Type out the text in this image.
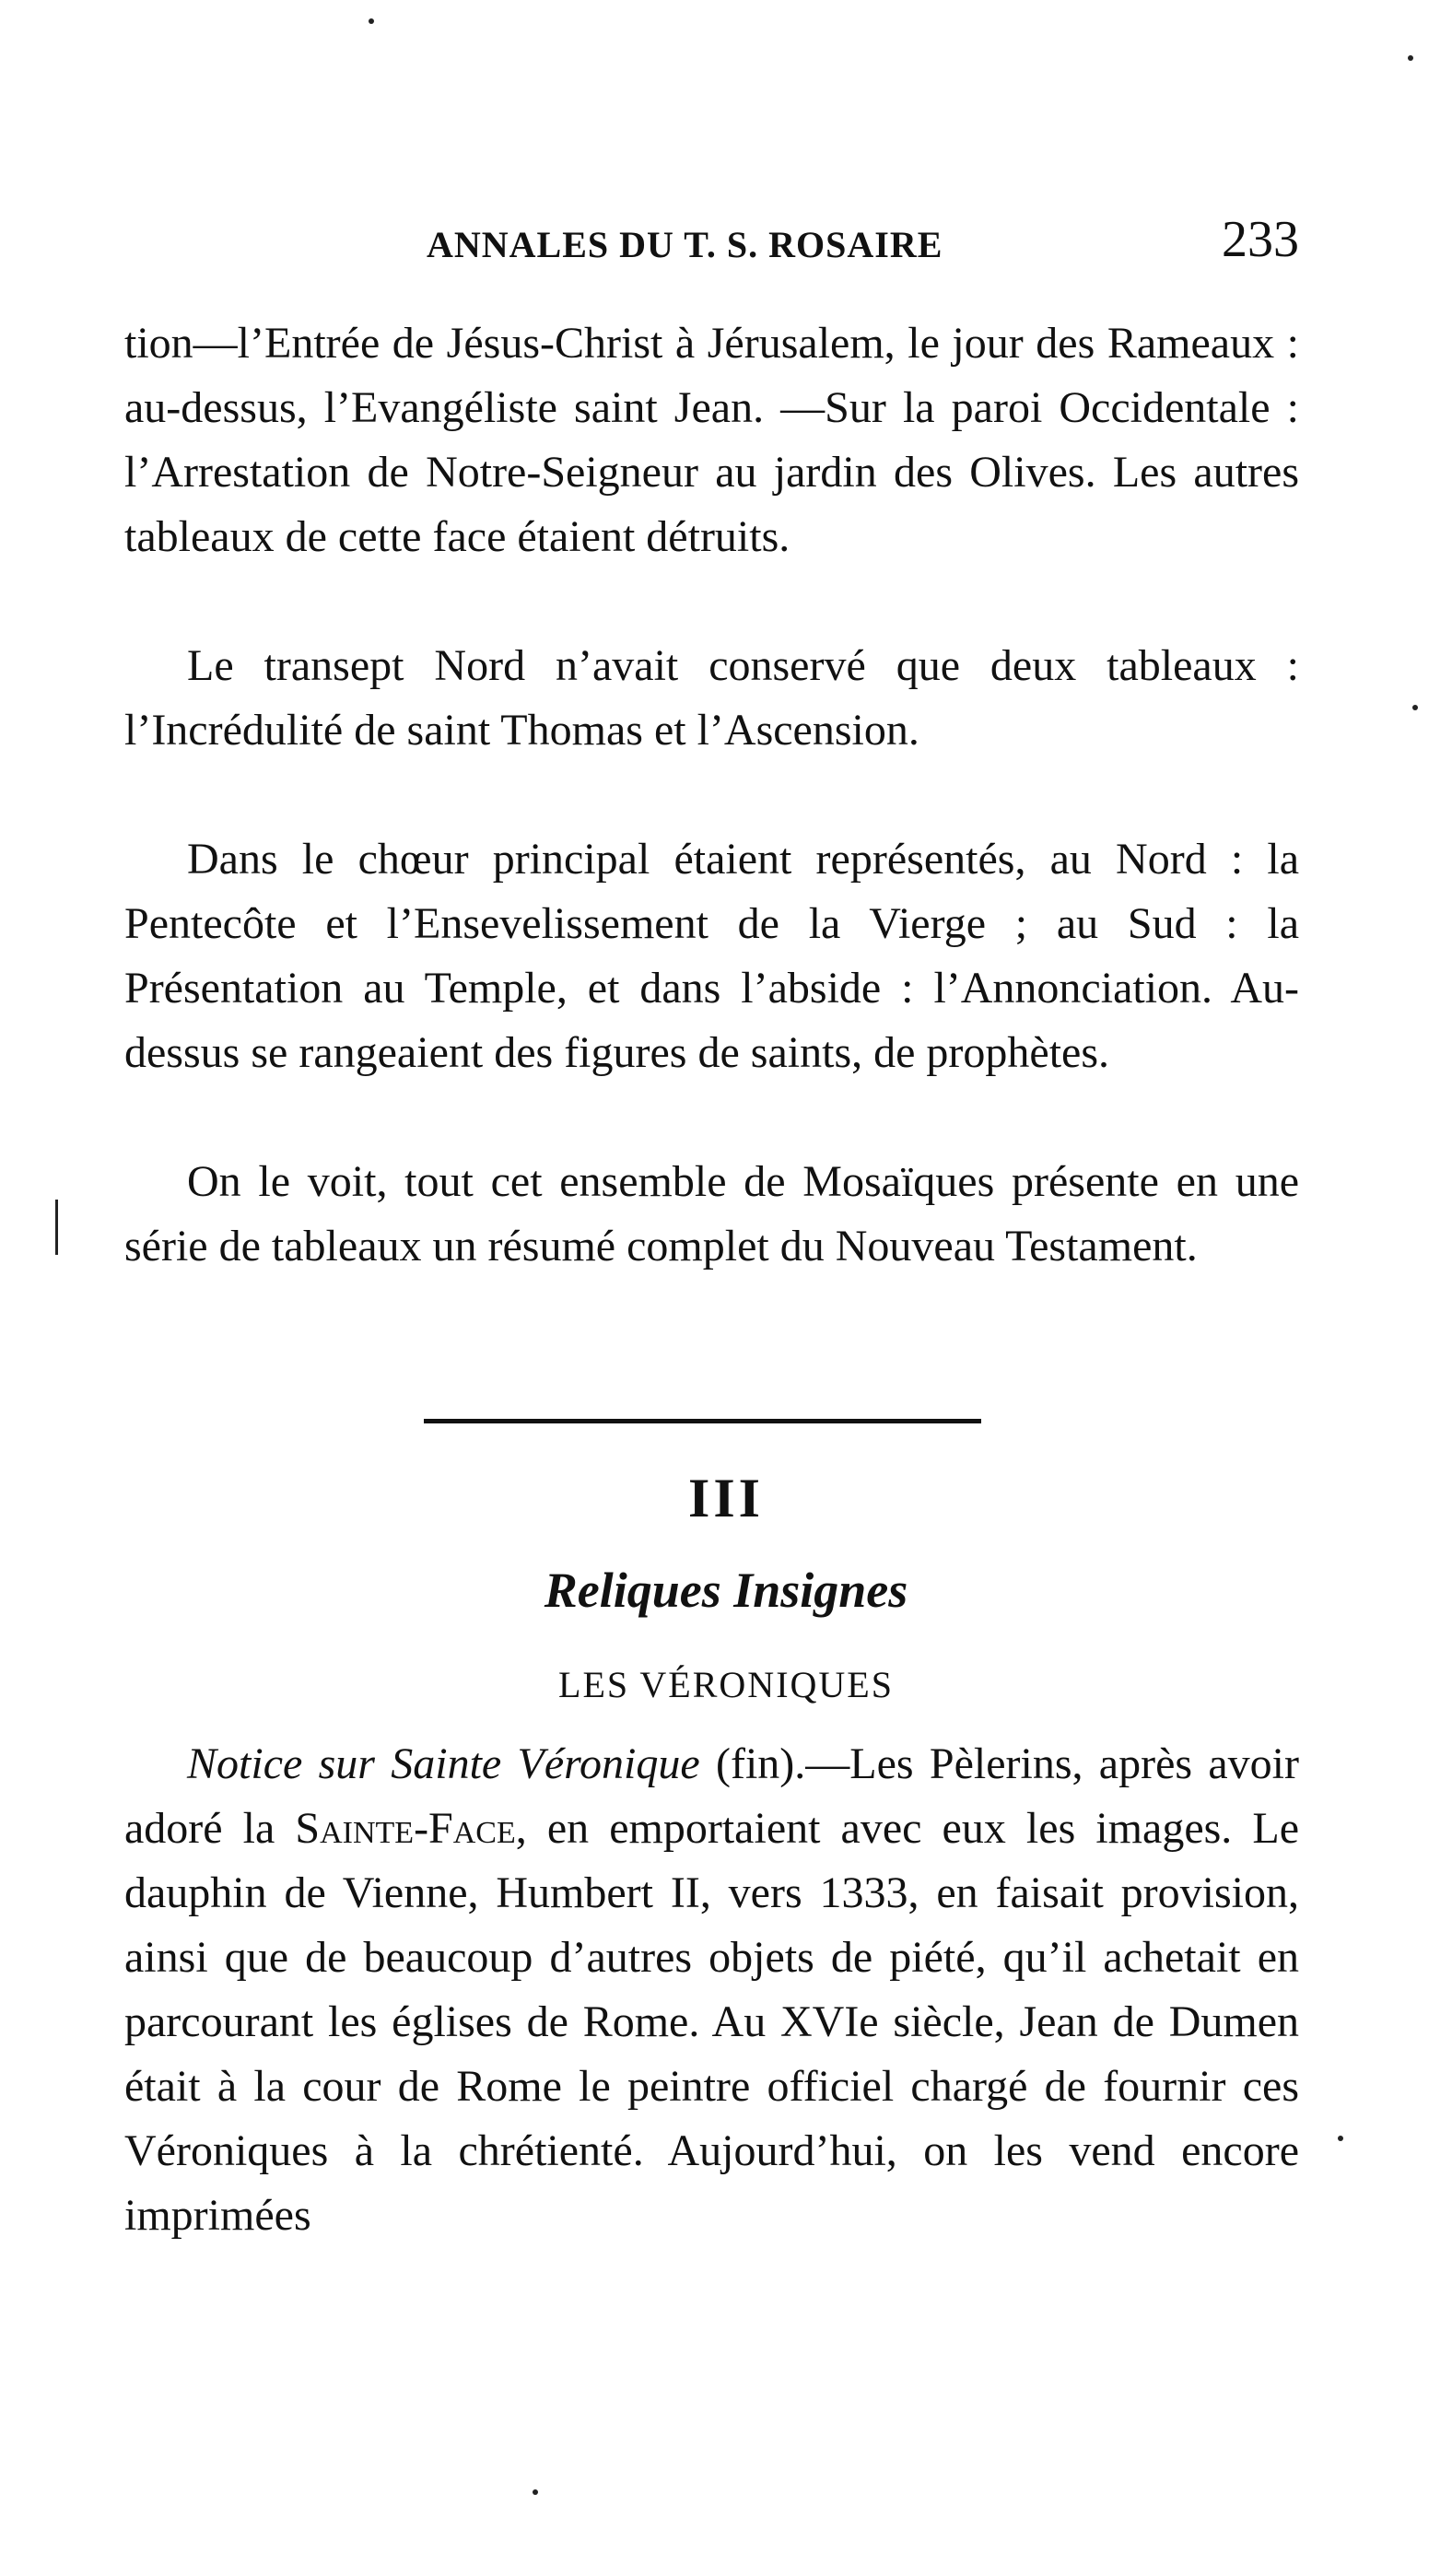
ANNALES DU T. S. ROSAIRE	233

tion—l’Entrée de Jésus-Christ à Jérusalem, le jour des Rameaux : au-dessus, l’Evangéliste saint Jean. —Sur la paroi Occidentale : l’Arrestation de Notre-Seigneur au jardin des Olives. Les autres tableaux de cette face étaient détruits.

Le transept Nord n’avait conservé que deux tableaux : l’Incrédulité de saint Thomas et l’Ascension.

Dans le chœur principal étaient représentés, au Nord : la Pentecôte et l’Ensevelissement de la Vierge ; au Sud : la Présentation au Temple, et dans l’abside : l’Annonciation. Au-dessus se rangeaient des figures de saints, de prophètes.

On le voit, tout cet ensemble de Mosaïques présente en une série de tableaux un résumé complet du Nouveau Testament.

III
Reliques Insignes
LES VÉRONIQUES

Notice sur Sainte Véronique (fin).—Les Pèlerins, après avoir adoré la Sainte-Face, en emportaient avec eux les images. Le dauphin de Vienne, Humbert II, vers 1333, en faisait provision, ainsi que de beaucoup d’autres objets de piété, qu’il achetait en parcourant les églises de Rome. Au XVIe siècle, Jean de Dumen était à la cour de Rome le peintre officiel chargé de fournir ces Véroniques à la chrétienté. Aujourd’hui, on les vend encore imprimées
